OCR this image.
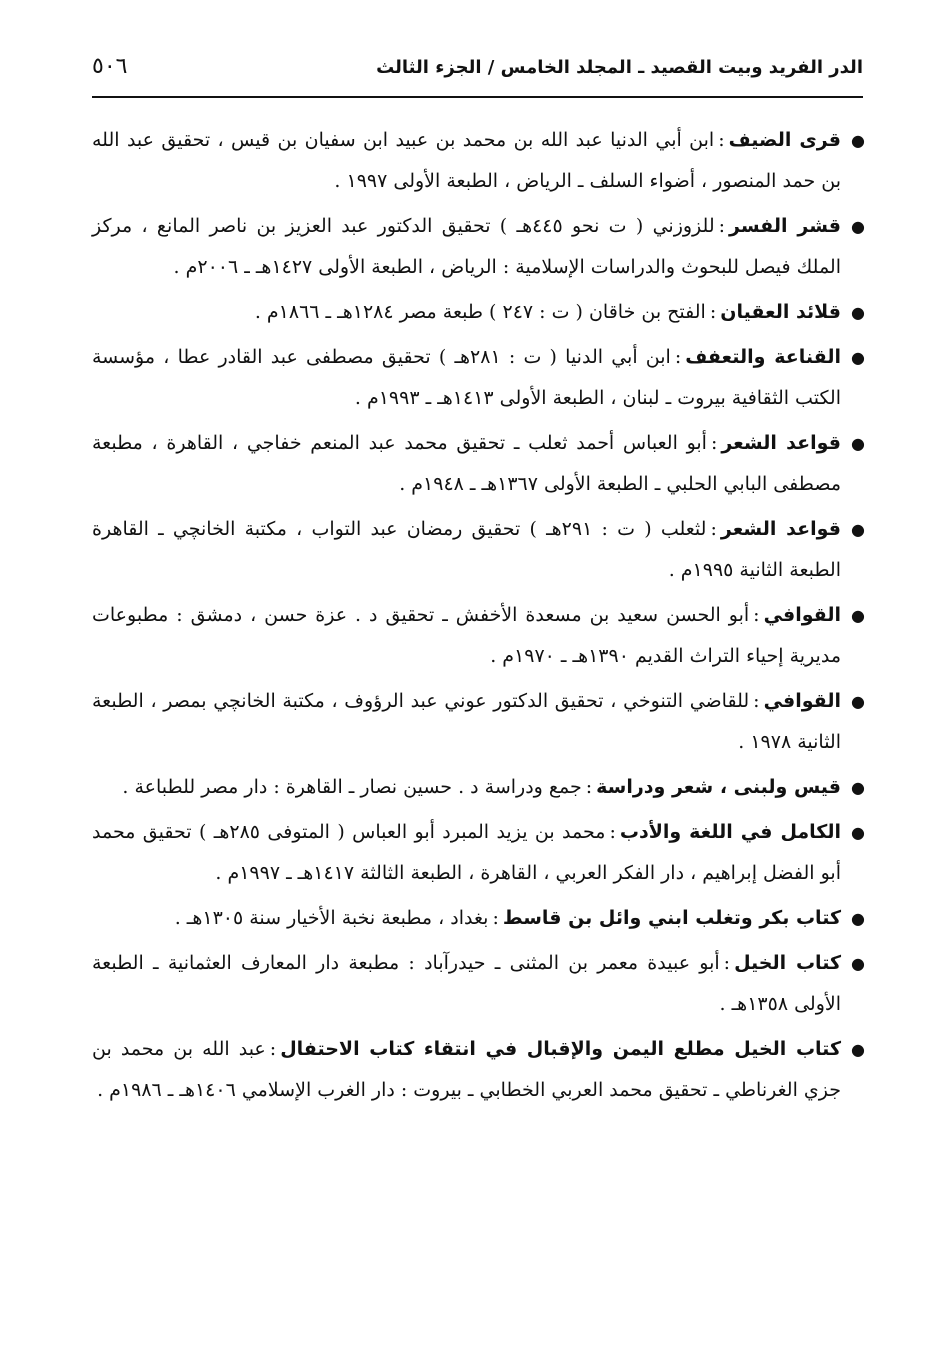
الدر الفريد وبيت القصيد ـ المجلد الخامس / الجزء الثالث
٥٠٦
●
قرى الضيف:ابن أبي الدنيا عبد الله بن محمد بن عبيد ابن سفيان بن قيس ، تحقيق عبد الله بن حمد المنصور ، أضواء السلف ـ الرياض ، الطبعة الأولى ١٩٩٧ .
●
قشر الفسر:للزوزني ( ت نحو ٤٤٥هـ ) تحقيق الدكتور عبد العزيز بن ناصر المانع ، مركز الملك فيصل للبحوث والدراسات الإسلامية : الرياض ، الطبعة الأولى ١٤٢٧هـ ـ ٢٠٠٦م .
●
قلائد العقيان:الفتح بن خاقان ( ت : ٢٤٧ ) طبعة مصر ١٢٨٤هـ ـ ١٨٦٦م .
●
القناعة والتعفف:ابن أبي الدنيا ( ت : ٢٨١هـ ) تحقيق مصطفى عبد القادر عطا ، مؤسسة الكتب الثقافية بيروت ـ لبنان ، الطبعة الأولى ١٤١٣هـ ـ ١٩٩٣م .
●
قواعد الشعر:أبو العباس أحمد ثعلب ـ تحقيق محمد عبد المنعم خفاجي ، القاهرة ، مطبعة مصطفى البابي الحلبي ـ الطبعة الأولى ١٣٦٧هـ ـ ١٩٤٨م .
●
قواعد الشعر:لثعلب ( ت : ٢٩١هـ ) تحقيق رمضان عبد التواب ، مكتبة الخانچي ـ القاهرة الطبعة الثانية ١٩٩٥م .
●
القوافي:أبو الحسن سعيد بن مسعدة الأخفش ـ تحقيق د . عزة حسن ، دمشق : مطبوعات مديرية إحياء التراث القديم ١٣٩٠هـ ـ ١٩٧٠م .
●
القوافي:للقاضي التنوخي ، تحقيق الدكتور عوني عبد الرؤوف ، مكتبة الخانچي بمصر ، الطبعة الثانية ١٩٧٨ .
●
قيس ولبنى ، شعر ودراسة:جمع ودراسة د . حسين نصار ـ القاهرة : دار مصر للطباعة .
●
الكامل في اللغة والأدب:محمد بن يزيد المبرد أبو العباس ( المتوفى ٢٨٥هـ ) تحقيق محمد أبو الفضل إبراهيم ، دار الفكر العربي ، القاهرة ، الطبعة الثالثة ١٤١٧هـ ـ ١٩٩٧م .
●
كتاب بكر وتغلب ابني وائل بن قاسط:بغداد ، مطبعة نخبة الأخيار سنة ١٣٠٥هـ .
●
كتاب الخيل:أبو عبيدة معمر بن المثنى ـ حيدرآباد : مطبعة دار المعارف العثمانية ـ الطبعة الأولى ١٣٥٨هـ .
●
كتاب الخيل مطلع اليمن والإقبال في انتقاء كتاب الاحتفال:عبد الله بن محمد بن جزي الغرناطي ـ تحقيق محمد العربي الخطابي ـ بيروت : دار الغرب الإسلامي ١٤٠٦هـ ـ ١٩٨٦م .
